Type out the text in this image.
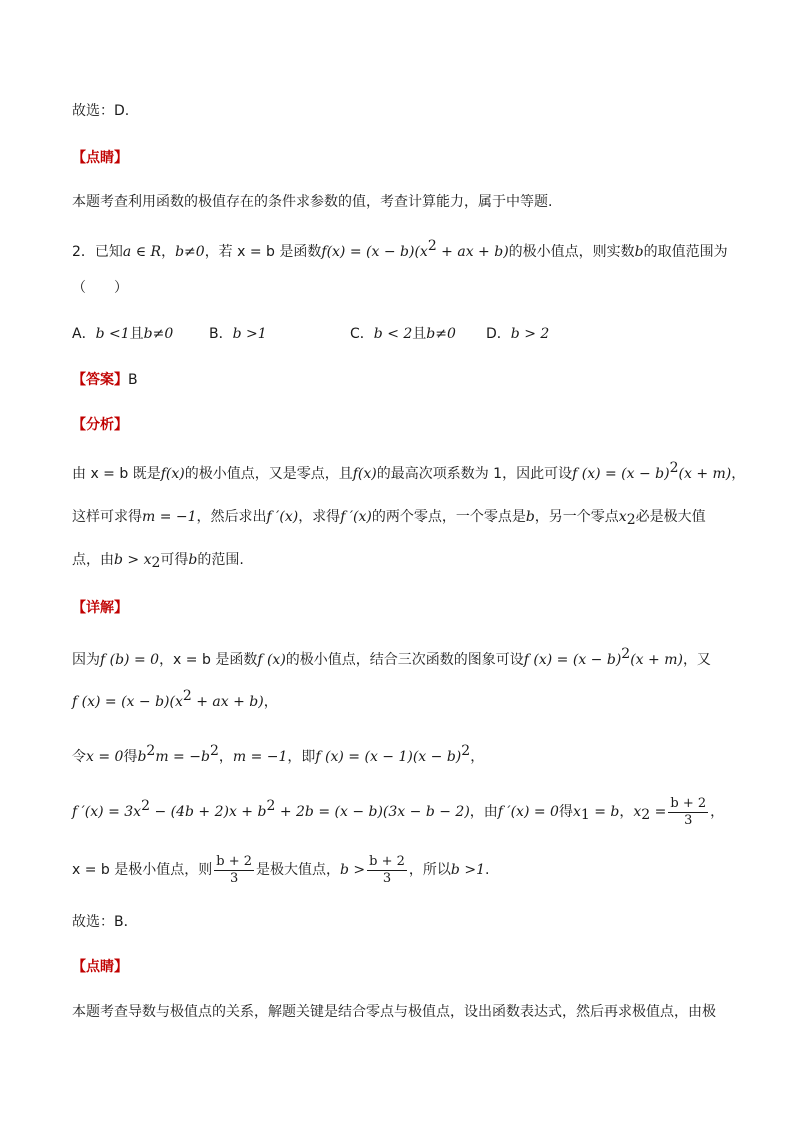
故选：D.
【点睛】
本题考查利用函数的极值存在的条件求参数的值，考查计算能力，属于中等题.
2．已知a ∈ R，b≠0，若 x = b 是函数$f(x) = (x - b)(x^2$ + ax + b)的极小值点，则实数b的取值范围为
（　　）
A．b <1且b≠0	B．b >1	C．b < 2且b≠0 D．b > 2
【答案】B
【分析】
由 x = b 既是f(x)的极小值点，又是零点，且f(x)的最高次项系数为 1，因此可设f $(x) = (x - b)^2(x + m)$，
这样可求得m = −1，然后求出f ′(x)，求得f ′(x)的两个零点，一个零点是b，另一个零点$x_2$必是极大值
点，由$b > x_2$可得b的范围.
【详解】
因为f (b) = 0，x = b 是函数f (x)的极小值点，结合三次函数的图象可设f $(x) = (x - b)^2(x + m)$，又
f $(x) = (x - b)(x^2$ + ax + b)，
令x = 0得$b^2m = -b^2$，m = −1，即f $(x) = (x - 1)(x - b)^2$，
f $'(x) = 3x^2 - (4b + 2)x + b^2 + 2b = (x - b)(3x - b - 2)$，由f ′(x) = 0得$x_1 = b$，$x_2 = \frac{b + 2}{3}$ ，
x = b 是极小值点，则 $\frac{b + 2}{3}$ 是极大值点，$b > \frac{b + 2}{3}$ ，所以b >1.
故选：B．
【点睛】
本题考查导数与极值点的关系，解题关键是结合零点与极值点，设出函数表达式，然后再求极值点，由极
